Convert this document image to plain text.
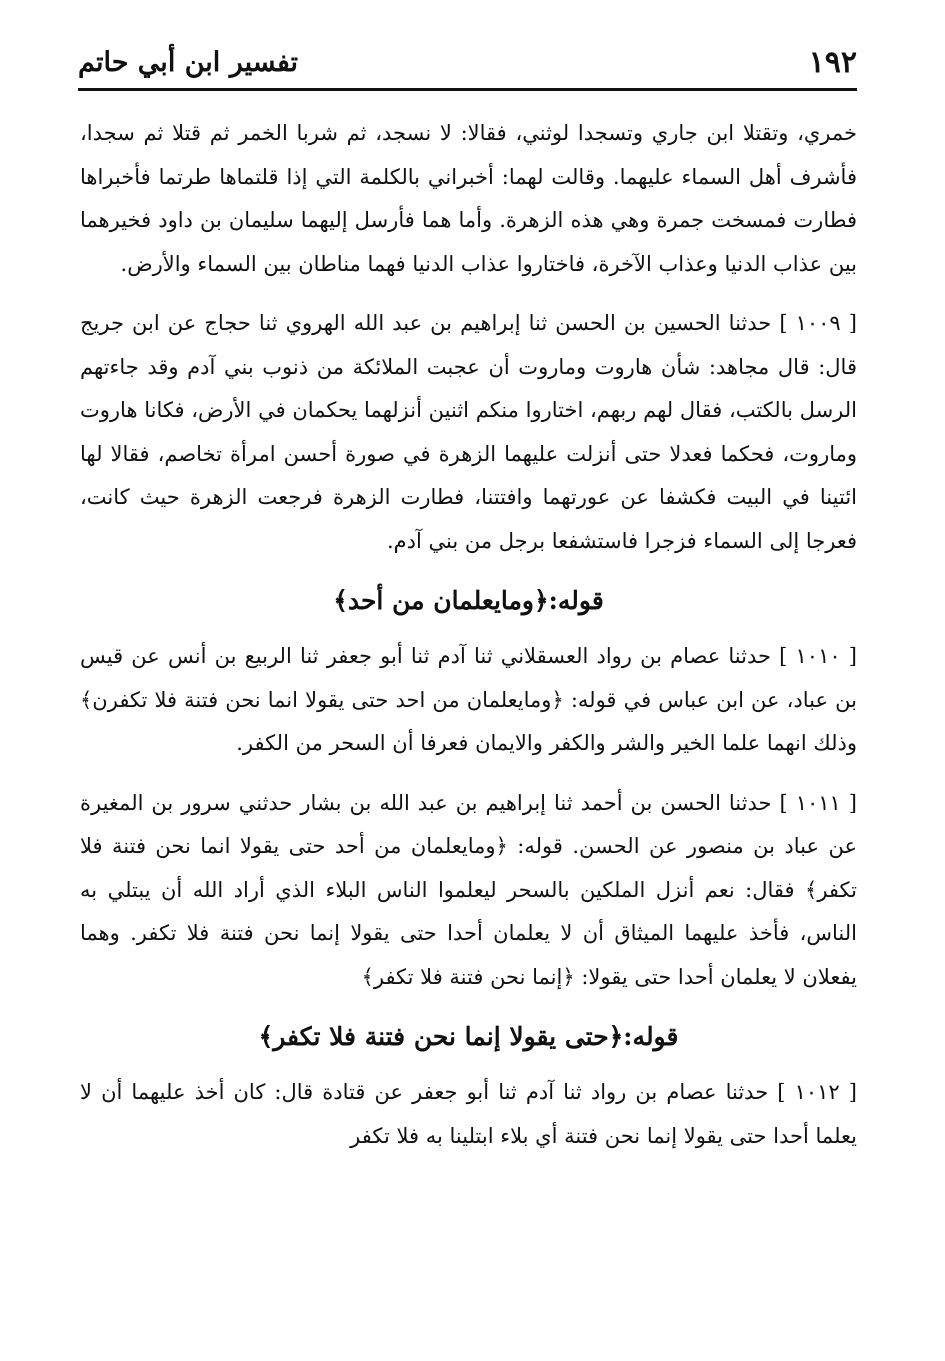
١٩٢
تفسير ابن أبي حاتم

خمري، وتقتلا ابن جاري وتسجدا لوثني، فقالا: لا نسجد، ثم شربا الخمر ثم قتلا ثم سجدا، فأشرف أهل السماء عليهما. وقالت لهما: أخبراني بالكلمة التي إذا قلتماها طرتما فأخبراها فطارت فمسخت جمرة وهي هذه الزهرة. وأما هما فأرسل إليهما سليمان بن داود فخيرهما بين عذاب الدنيا وعذاب الآخرة، فاختاروا عذاب الدنيا فهما مناطان بين السماء والأرض.

[ ١٠٠٩ ] حدثنا الحسين بن الحسن ثنا إبراهيم بن عبد الله الهروي ثنا حجاج عن ابن جريج قال: قال مجاهد: شأن هاروت وماروت أن عجبت الملائكة من ذنوب بني آدم وقد جاءتهم الرسل بالكتب، فقال لهم ربهم، اختاروا منكم اثنين أنزلهما يحكمان في الأرض، فكانا هاروت وماروت، فحكما فعدلا حتى أنزلت عليهما الزهرة في صورة أحسن امرأة تخاصم، فقالا لها ائتينا في البيت فكشفا عن عورتهما وافتتنا، فطارت الزهرة فرجعت الزهرة حيث كانت، فعرجا إلى السماء فزجرا فاستشفعا برجل من بني آدم.

قوله:﴿ومايعلمان من أحد﴾

[ ١٠١٠ ] حدثنا عصام بن رواد العسقلاني ثنا آدم ثنا أبو جعفر ثنا الربيع بن أنس عن قيس بن عباد، عن ابن عباس في قوله: ﴿ومايعلمان من احد حتى يقولا انما نحن فتنة فلا تكفرن﴾ وذلك انهما علما الخير والشر والكفر والايمان فعرفا أن السحر من الكفر.

[ ١٠١١ ] حدثنا الحسن بن أحمد ثنا إبراهيم بن عبد الله بن بشار حدثني سرور بن المغيرة عن عباد بن منصور عن الحسن. قوله: ﴿ومايعلمان من أحد حتى يقولا انما نحن فتنة فلا تكفر﴾ فقال: نعم أنزل الملكين بالسحر ليعلموا الناس البلاء الذي أراد الله أن يبتلي به الناس، فأخذ عليهما الميثاق أن لا يعلمان أحدا حتى يقولا إنما نحن فتنة فلا تكفر. وهما يفعلان لا يعلمان أحدا حتى يقولا: ﴿إنما نحن فتنة فلا تكفر﴾

قوله:﴿حتى يقولا إنما نحن فتنة فلا تكفر﴾

[ ١٠١٢ ] حدثنا عصام بن رواد ثنا آدم ثنا أبو جعفر عن قتادة قال: كان أخذ عليهما أن لا يعلما أحدا حتى يقولا إنما نحن فتنة أي بلاء ابتلينا به فلا تكفر
